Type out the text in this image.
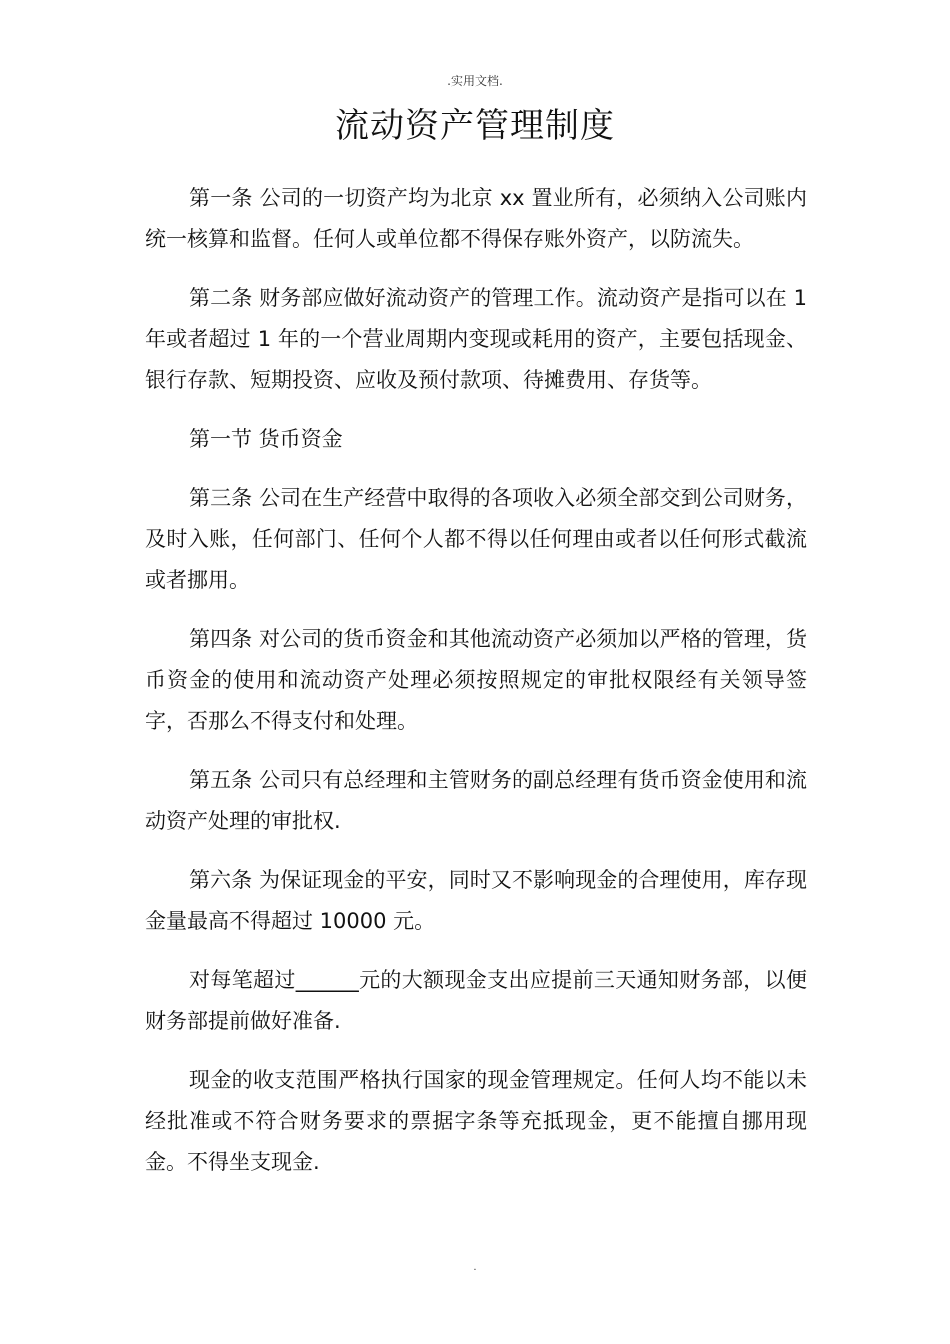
.实用文档.
流动资产管理制度

第一条 公司的一切资产均为北京 xx 置业所有，必须纳入公司账内统一核算和监督。任何人或单位都不得保存账外资产，以防流失。

第二条 财务部应做好流动资产的管理工作。流动资产是指可以在 1 年或者超过 1 年的一个营业周期内变现或耗用的资产，主要包括现金、银行存款、短期投资、应收及预付款项、待摊费用、存货等。

第一节 货币资金

第三条 公司在生产经营中取得的各项收入必须全部交到公司财务，及时入账，任何部门、任何个人都不得以任何理由或者以任何形式截流或者挪用。

第四条 对公司的货币资金和其他流动资产必须加以严格的管理，货币资金的使用和流动资产处理必须按照规定的审批权限经有关领导签字，否那么不得支付和处理。

第五条 公司只有总经理和主管财务的副总经理有货币资金使用和流动资产处理的审批权.

第六条 为保证现金的平安，同时又不影响现金的合理使用，库存现金量最高不得超过 10000 元。

对每笔超过______元的大额现金支出应提前三天通知财务部，以便财务部提前做好准备.

现金的收支范围严格执行国家的现金管理规定。任何人均不能以未经批准或不符合财务要求的票据字条等充抵现金，更不能擅自挪用现金。不得坐支现金.

.
